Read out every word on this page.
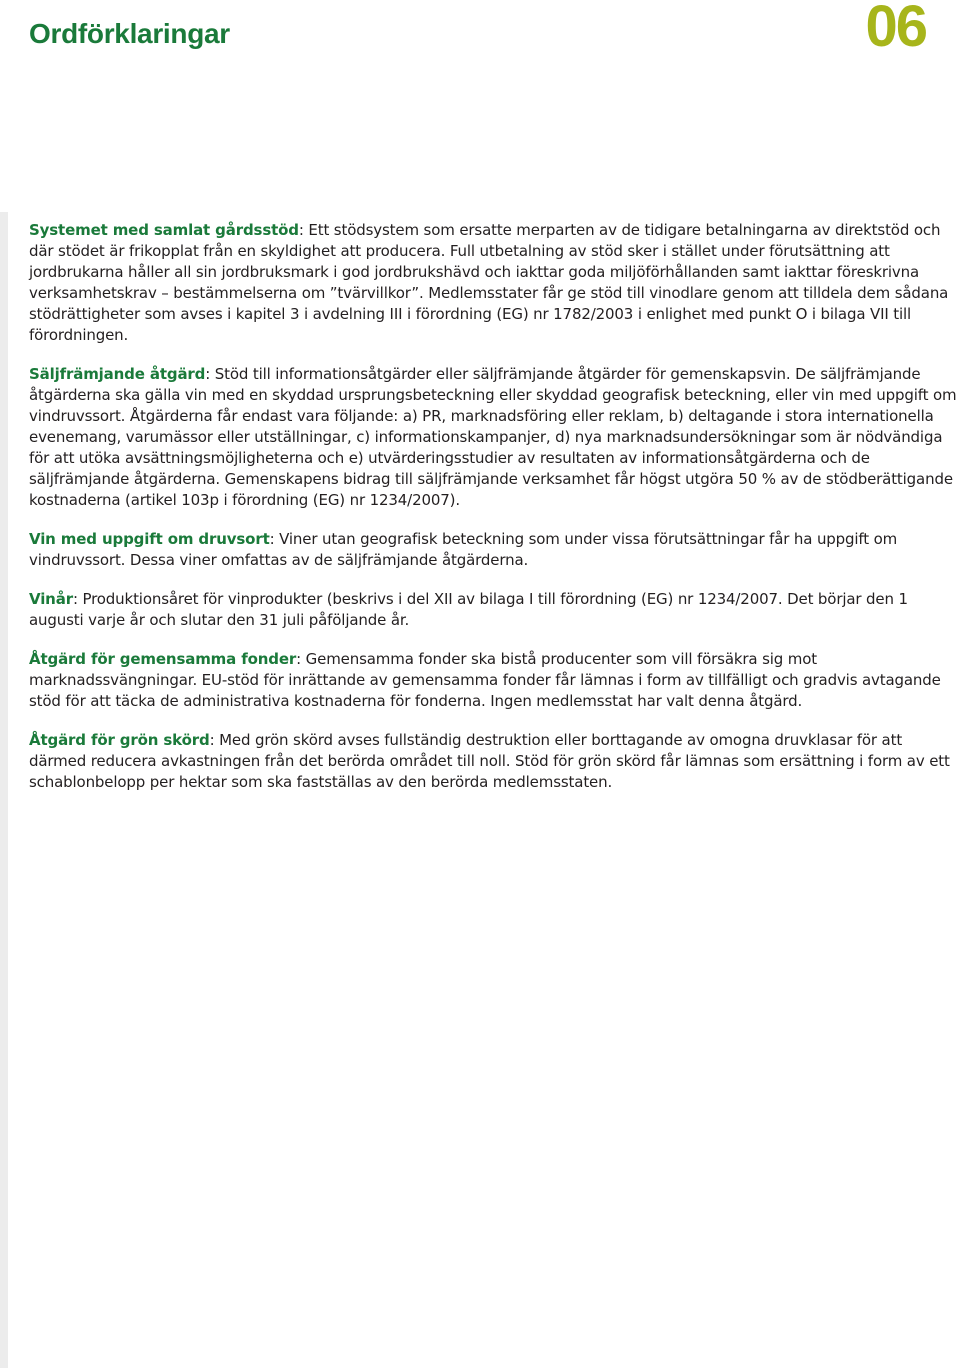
Ordförklaringar	06

Systemet med samlat gårdsstöd: Ett stödsystem som ersatte merparten av de tidigare betalningarna av direktstöd och där stödet är frikopplat från en skyldighet att producera. Full utbetalning av stöd sker i stället under förutsättning att jordbrukarna håller all sin jordbruksmark i god jordbrukshävd och iakttar goda miljöförhållanden samt iakttar föreskrivna verksamhetskrav – bestämmelserna om ”tvärvillkor”. Medlemsstater får ge stöd till vinodlare genom att tilldela dem sådana stödrättigheter som avses i kapitel 3 i avdelning III i förordning (EG) nr 1782/2003 i enlighet med punkt O i bilaga VII till förordningen.

Säljfrämjande åtgärd: Stöd till informationsåtgärder eller säljfrämjande åtgärder för gemenskapsvin. De säljfrämjande åtgärderna ska gälla vin med en skyddad ursprungsbeteckning eller skyddad geografisk beteckning, eller vin med uppgift om vindruvssort. Åtgärderna får endast vara följande: a) PR, marknadsföring eller reklam, b) deltagande i stora internationella evenemang, varumässor eller utställningar, c) informationskampanjer, d) nya marknadsundersökningar som är nödvändiga för att utöka avsättningsmöjligheterna och e) utvärderingsstudier av resultaten av informationsåtgärderna och de säljfrämjande åtgärderna. Gemenskapens bidrag till säljfrämjande verksamhet får högst utgöra 50 % av de stödberättigande kostnaderna (artikel 103p i förordning (EG) nr 1234/2007).

Vin med uppgift om druvsort: Viner utan geografisk beteckning som under vissa förutsättningar får ha uppgift om vindruvssort. Dessa viner omfattas av de säljfrämjande åtgärderna.

Vinår: Produktionsåret för vinprodukter (beskrivs i del XII av bilaga I till förordning (EG) nr 1234/2007. Det börjar den 1 augusti varje år och slutar den 31 juli påföljande år.

Åtgärd för gemensamma fonder: Gemensamma fonder ska bistå producenter som vill försäkra sig mot marknadssvängningar. EU-stöd för inrättande av gemensamma fonder får lämnas i form av tillfälligt och gradvis avtagande stöd för att täcka de administrativa kostnaderna för fonderna. Ingen medlemsstat har valt denna åtgärd.

Åtgärd för grön skörd: Med grön skörd avses fullständig destruktion eller borttagande av omogna druvklasar för att därmed reducera avkastningen från det berörda området till noll. Stöd för grön skörd får lämnas som ersättning i form av ett schablonbelopp per hektar som ska fastställas av den berörda medlemsstaten.
